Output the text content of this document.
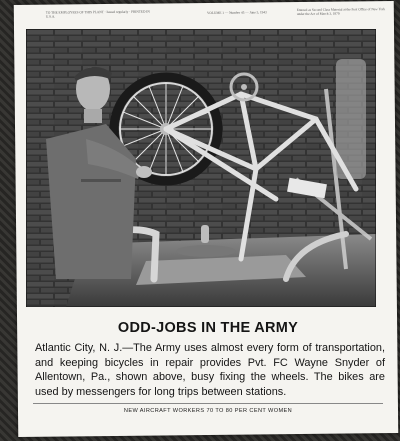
TO THE EMPLOYEES OF THIS PLANT · Issued regularly · PRINTED IN U.S.A.
VOLUME 1 — Number 45 — June 5, 1943
Entered as Second Class Material at the Post Office of New York under the Act of March 3, 1879
ODD-JOBS IN THE ARMY

Atlantic City, N. J.—The Army uses almost every form of transportation, and keeping bicycles in repair provides Pvt. FC Wayne Snyder of Allentown, Pa., shown above, busy fixing the wheels. The bikes are used by messengers for long trips between stations.

NEW AIRCRAFT WORKERS 70 TO 80 PER CENT WOMEN
